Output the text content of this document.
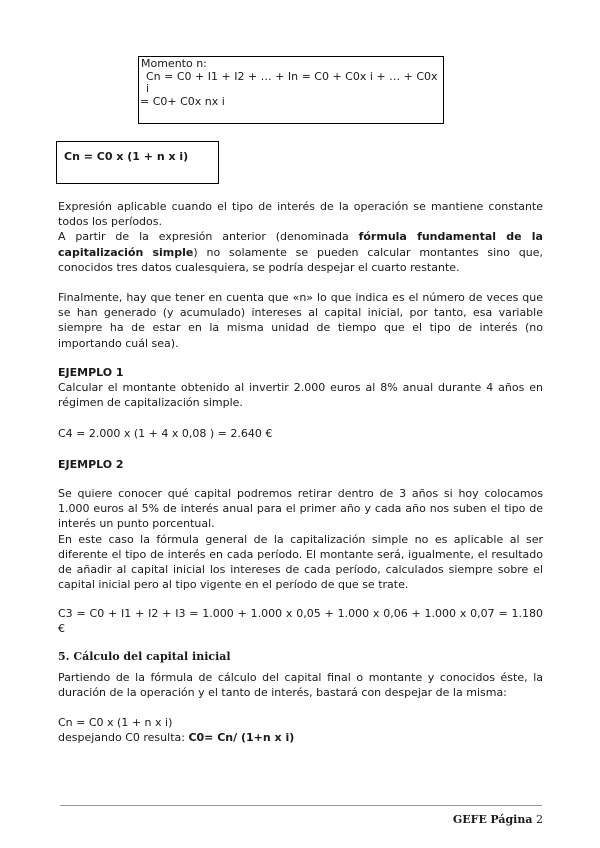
Momento n:
Cn = C0 + I1 + I2 + … + In = C0 + C0x i + … + C0x i
= C0+ C0x nx i
Cn = C0 x (1 + n x i)

Expresión aplicable cuando el tipo de interés de la operación se mantiene constante todos los períodos.

A partir de la expresión anterior (denominada fórmula fundamental de la capitalización simple) no solamente se pueden calcular montantes sino que, conocidos tres datos cualesquiera, se podría despejar el cuarto restante.

Finalmente, hay que tener en cuenta que «n» lo que indica es el número de veces que se han generado (y acumulado) intereses al capital inicial, por tanto, esa variable siempre ha de estar en la misma unidad de tiempo que el tipo de interés (no importando cuál sea).

EJEMPLO 1

Calcular el montante obtenido al invertir 2.000 euros al 8% anual durante 4 años en régimen de capitalización simple.

C4 = 2.000 x (1 + 4 x 0,08 ) = 2.640 €

EJEMPLO 2

Se quiere conocer qué capital podremos retirar dentro de 3 años si hoy colocamos 1.000 euros al 5% de interés anual para el primer año y cada año nos suben el tipo de interés un punto porcentual.

En este caso la fórmula general de la capitalización simple no es aplicable al ser diferente el tipo de interés en cada período. El montante será, igualmente, el resultado de añadir al capital inicial los intereses de cada período, calculados siempre sobre el capital inicial pero al tipo vigente en el período de que se trate.

C3 = C0 + I1 + I2 + I3 = 1.000 + 1.000 x 0,05 + 1.000 x 0,06 + 1.000 x 0,07 = 1.180 €

5. Cálculo del capital inicial

Partiendo de la fórmula de cálculo del capital final o montante y conocidos éste, la duración de la operación y el tanto de interés, bastará con despejar de la misma:

Cn = C0 x (1 + n x i)

despejando C0 resulta: C0= Cn/ (1+n x i)

GEFE Página 2
